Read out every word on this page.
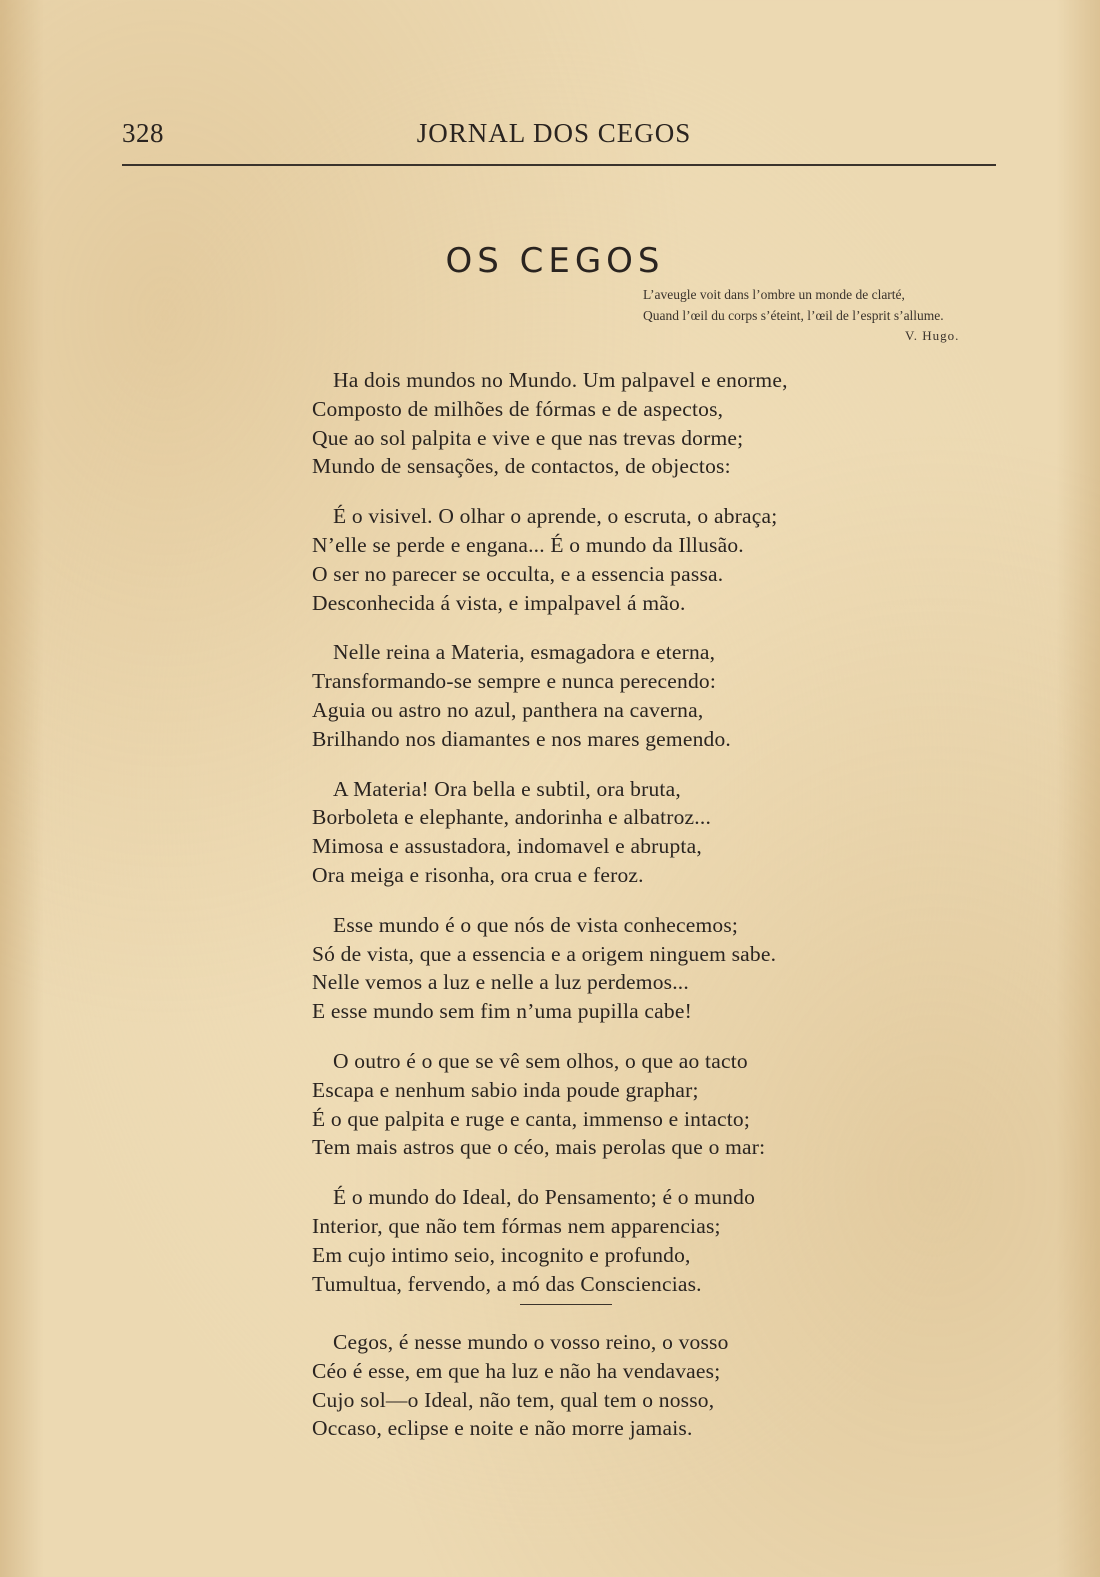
328	JORNAL DOS CEGOS
OS CEGOS
L’aveugle voit dans l’ombre un monde de clarté,
Quand l’œil du corps s’éteint, l’œil de l’esprit s’allume.
V. Hugo.
Ha dois mundos no Mundo. Um palpavel e enorme,
Composto de milhões de fórmas e de aspectos,
Que ao sol palpita e vive e que nas trevas dorme;
Mundo de sensações, de contactos, de objectos:
É o visivel. O olhar o aprende, o escruta, o abraça;
N’elle se perde e engana... É o mundo da Illusão.
O ser no parecer se occulta, e a essencia passa.
Desconhecida á vista, e impalpavel á mão.
Nelle reina a Materia, esmagadora e eterna,
Transformando-se sempre e nunca perecendo:
Aguia ou astro no azul, panthera na caverna,
Brilhando nos diamantes e nos mares gemendo.
A Materia! Ora bella e subtil, ora bruta,
Borboleta e elephante, andorinha e albatroz...
Mimosa e assustadora, indomavel e abrupta,
Ora meiga e risonha, ora crua e feroz.
Esse mundo é o que nós de vista conhecemos;
Só de vista, que a essencia e a origem ninguem sabe.
Nelle vemos a luz e nelle a luz perdemos...
E esse mundo sem fim n’uma pupilla cabe!
O outro é o que se vê sem olhos, o que ao tacto
Escapa e nenhum sabio inda poude graphar;
É o que palpita e ruge e canta, immenso e intacto;
Tem mais astros que o céo, mais perolas que o mar:
É o mundo do Ideal, do Pensamento; é o mundo
Interior, que não tem fórmas nem apparencias;
Em cujo intimo seio, incognito e profundo,
Tumultua, fervendo, a mó das Consciencias.
Cegos, é nesse mundo o vosso reino, o vosso
Céo é esse, em que ha luz e não ha vendavaes;
Cujo sol—o Ideal, não tem, qual tem o nosso,
Occaso, eclipse e noite e não morre jamais.
